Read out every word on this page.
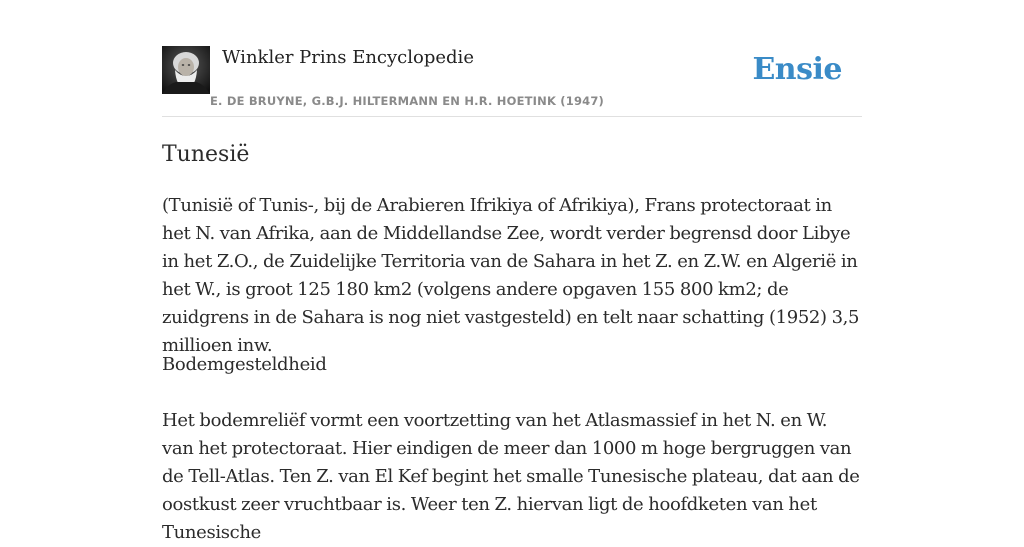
Winkler Prins Encyclopedie
E. DE BRUYNE, G.B.J. HILTERMANN EN H.R. HOETINK (1947)
Ensie
Tunesië

(Tunisië of Tunis-, bij de Arabieren Ifrikiya of Afrikiya), Frans protectoraat in het N. van Afrika, aan de Middellandse Zee, wordt verder begrensd door Libye in het Z.O., de Zuidelijke Territoria van de Sahara in het Z. en Z.W. en Algerië in het W., is groot 125 180 km2 (volgens andere opgaven 155 800 km2; de zuidgrens in de Sahara is nog niet vastgesteld) en telt naar schatting (1952) 3,5 millioen inw.

Bodemgesteldheid

Het bodemreliëf vormt een voortzetting van het Atlasmassief in het N. en W. van het protectoraat. Hier eindigen de meer dan 1000 m hoge bergruggen van de Tell-Atlas. Ten Z. van El Kef begint het smalle Tunesische plateau, dat aan de oostkust zeer vruchtbaar is. Weer ten Z. hiervan ligt de hoofdketen van het Tunesische
